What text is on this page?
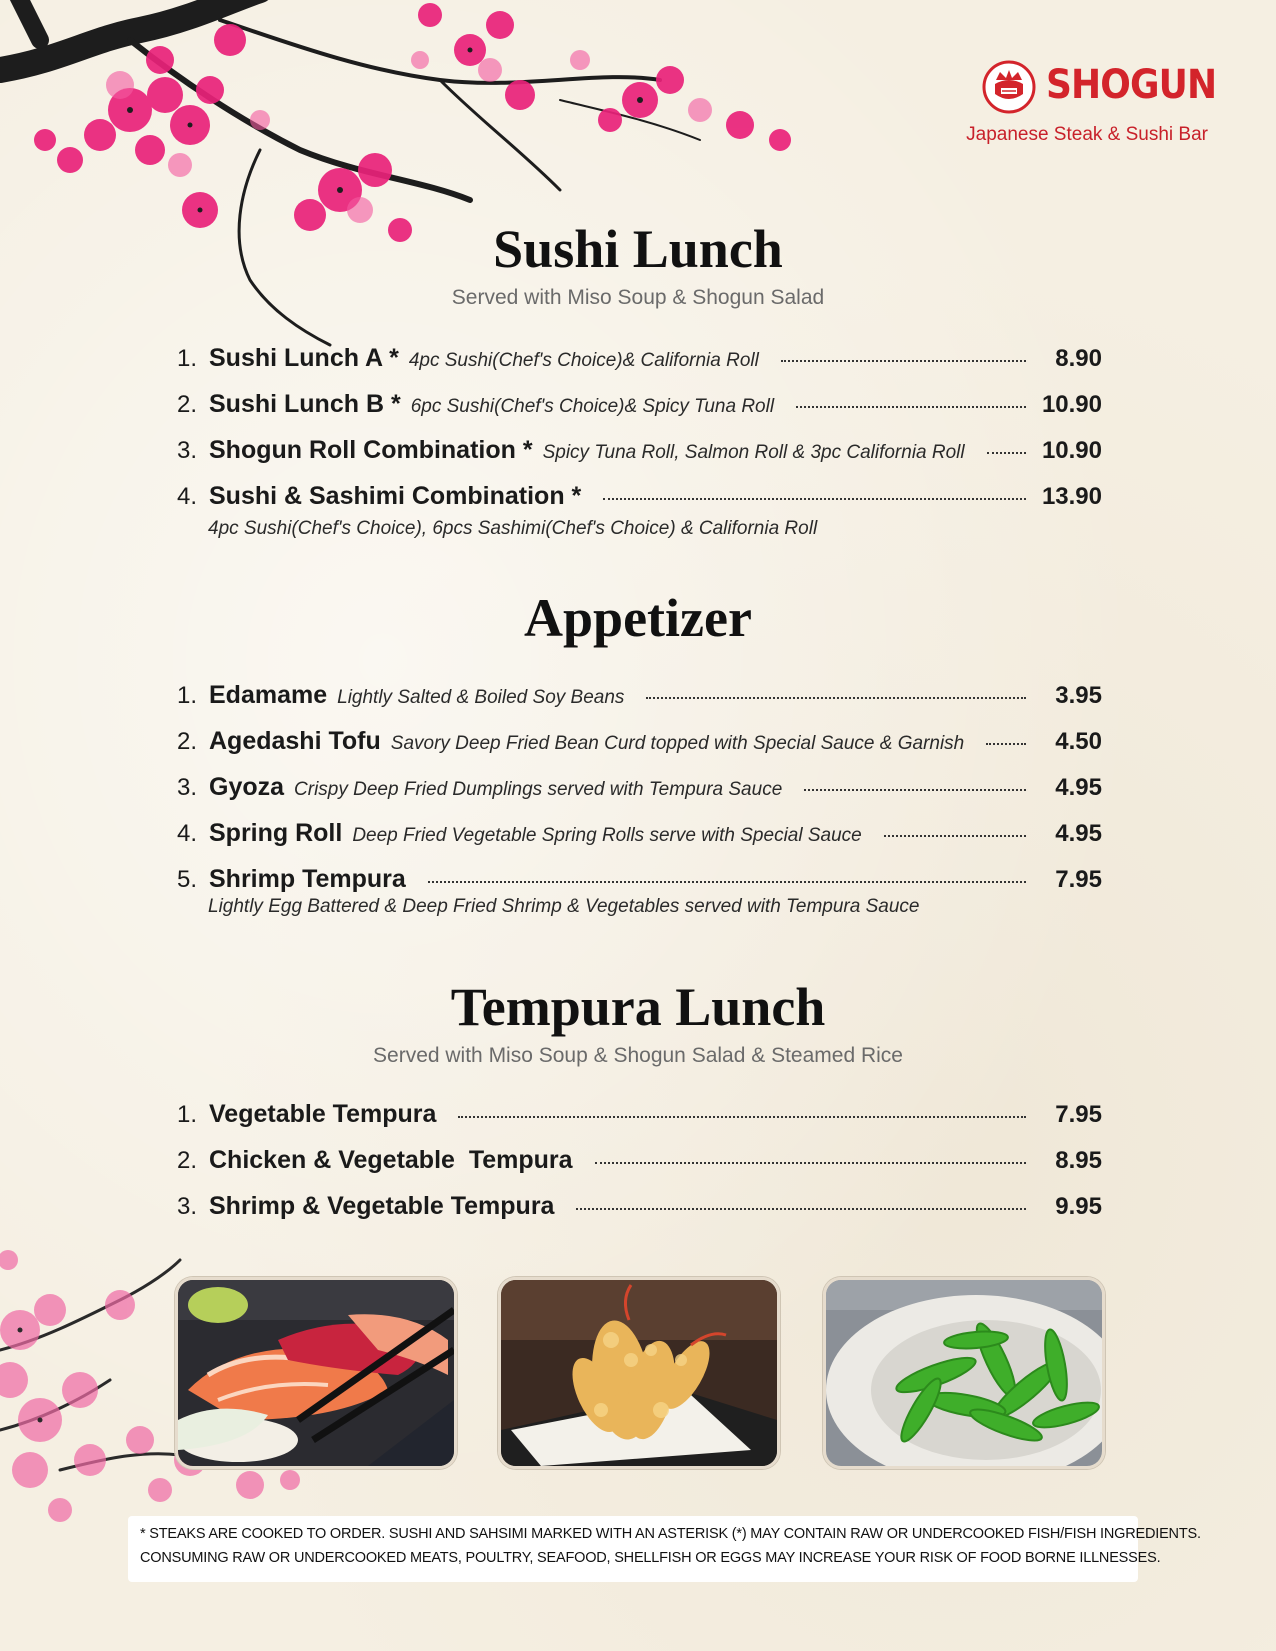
SHOGUN
Japanese Steak & Sushi Bar
Sushi Lunch
Served with Miso Soup & Shogun Salad
1. Sushi Lunch A * 4pc Sushi(Chef's Choice)& California Roll	8.90
2. Sushi Lunch B * 6pc Sushi(Chef's Choice)& Spicy Tuna Roll	10.90
3. Shogun Roll Combination * Spicy Tuna Roll, Salmon Roll & 3pc California Roll	10.90
4. Sushi & Sashimi Combination *	13.90
4pc Sushi(Chef's Choice), 6pcs Sashimi(Chef's Choice) & California Roll
Appetizer
1. Edamame Lightly Salted & Boiled Soy Beans	3.95
2. Agedashi Tofu Savory Deep Fried Bean Curd topped with Special Sauce & Garnish	4.50
3. Gyoza Crispy Deep Fried Dumplings served with Tempura Sauce	4.95
4. Spring Roll Deep Fried Vegetable Spring Rolls serve with Special Sauce	4.95
5. Shrimp Tempura	7.95
Lightly Egg Battered & Deep Fried Shrimp & Vegetables served with Tempura Sauce
Tempura Lunch
Served with Miso Soup & Shogun Salad & Steamed Rice
1. Vegetable Tempura	7.95
2. Chicken & Vegetable  Tempura	8.95
3. Shrimp & Vegetable Tempura	9.95
* STEAKS ARE COOKED TO ORDER. SUSHI AND SAHSIMI MARKED WITH AN ASTERISK (*) MAY CONTAIN RAW OR UNDERCOOKED FISH/FISH INGREDIENTS.
CONSUMING RAW OR UNDERCOOKED MEATS, POULTRY, SEAFOOD, SHELLFISH OR EGGS MAY INCREASE YOUR RISK OF FOOD BORNE ILLNESSES.
